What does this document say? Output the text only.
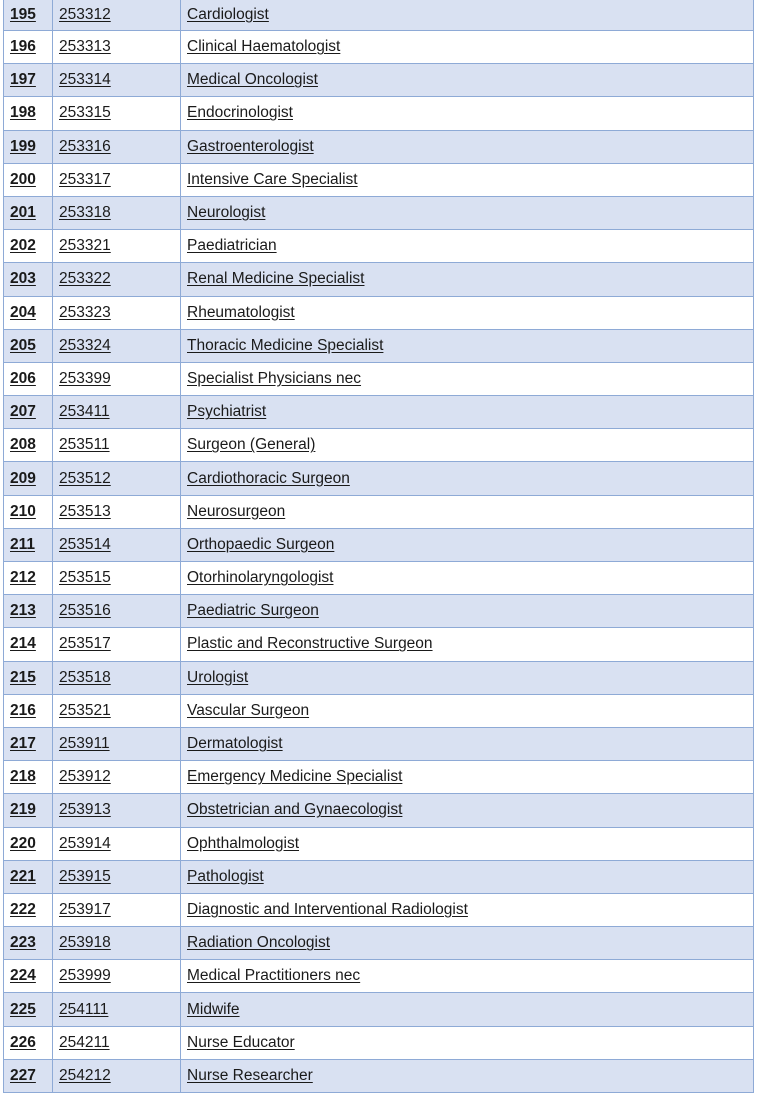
195	253312	Cardiologist
196	253313	Clinical Haematologist
197	253314	Medical Oncologist
198	253315	Endocrinologist
199	253316	Gastroenterologist
200	253317	Intensive Care Specialist
201	253318	Neurologist
202	253321	Paediatrician
203	253322	Renal Medicine Specialist
204	253323	Rheumatologist
205	253324	Thoracic Medicine Specialist
206	253399	Specialist Physicians nec
207	253411	Psychiatrist
208	253511	Surgeon (General)
209	253512	Cardiothoracic Surgeon
210	253513	Neurosurgeon
211	253514	Orthopaedic Surgeon
212	253515	Otorhinolaryngologist
213	253516	Paediatric Surgeon
214	253517	Plastic and Reconstructive Surgeon
215	253518	Urologist
216	253521	Vascular Surgeon
217	253911	Dermatologist
218	253912	Emergency Medicine Specialist
219	253913	Obstetrician and Gynaecologist
220	253914	Ophthalmologist
221	253915	Pathologist
222	253917	Diagnostic and Interventional Radiologist
223	253918	Radiation Oncologist
224	253999	Medical Practitioners nec
225	254111	Midwife
226	254211	Nurse Educator
227	254212	Nurse Researcher
